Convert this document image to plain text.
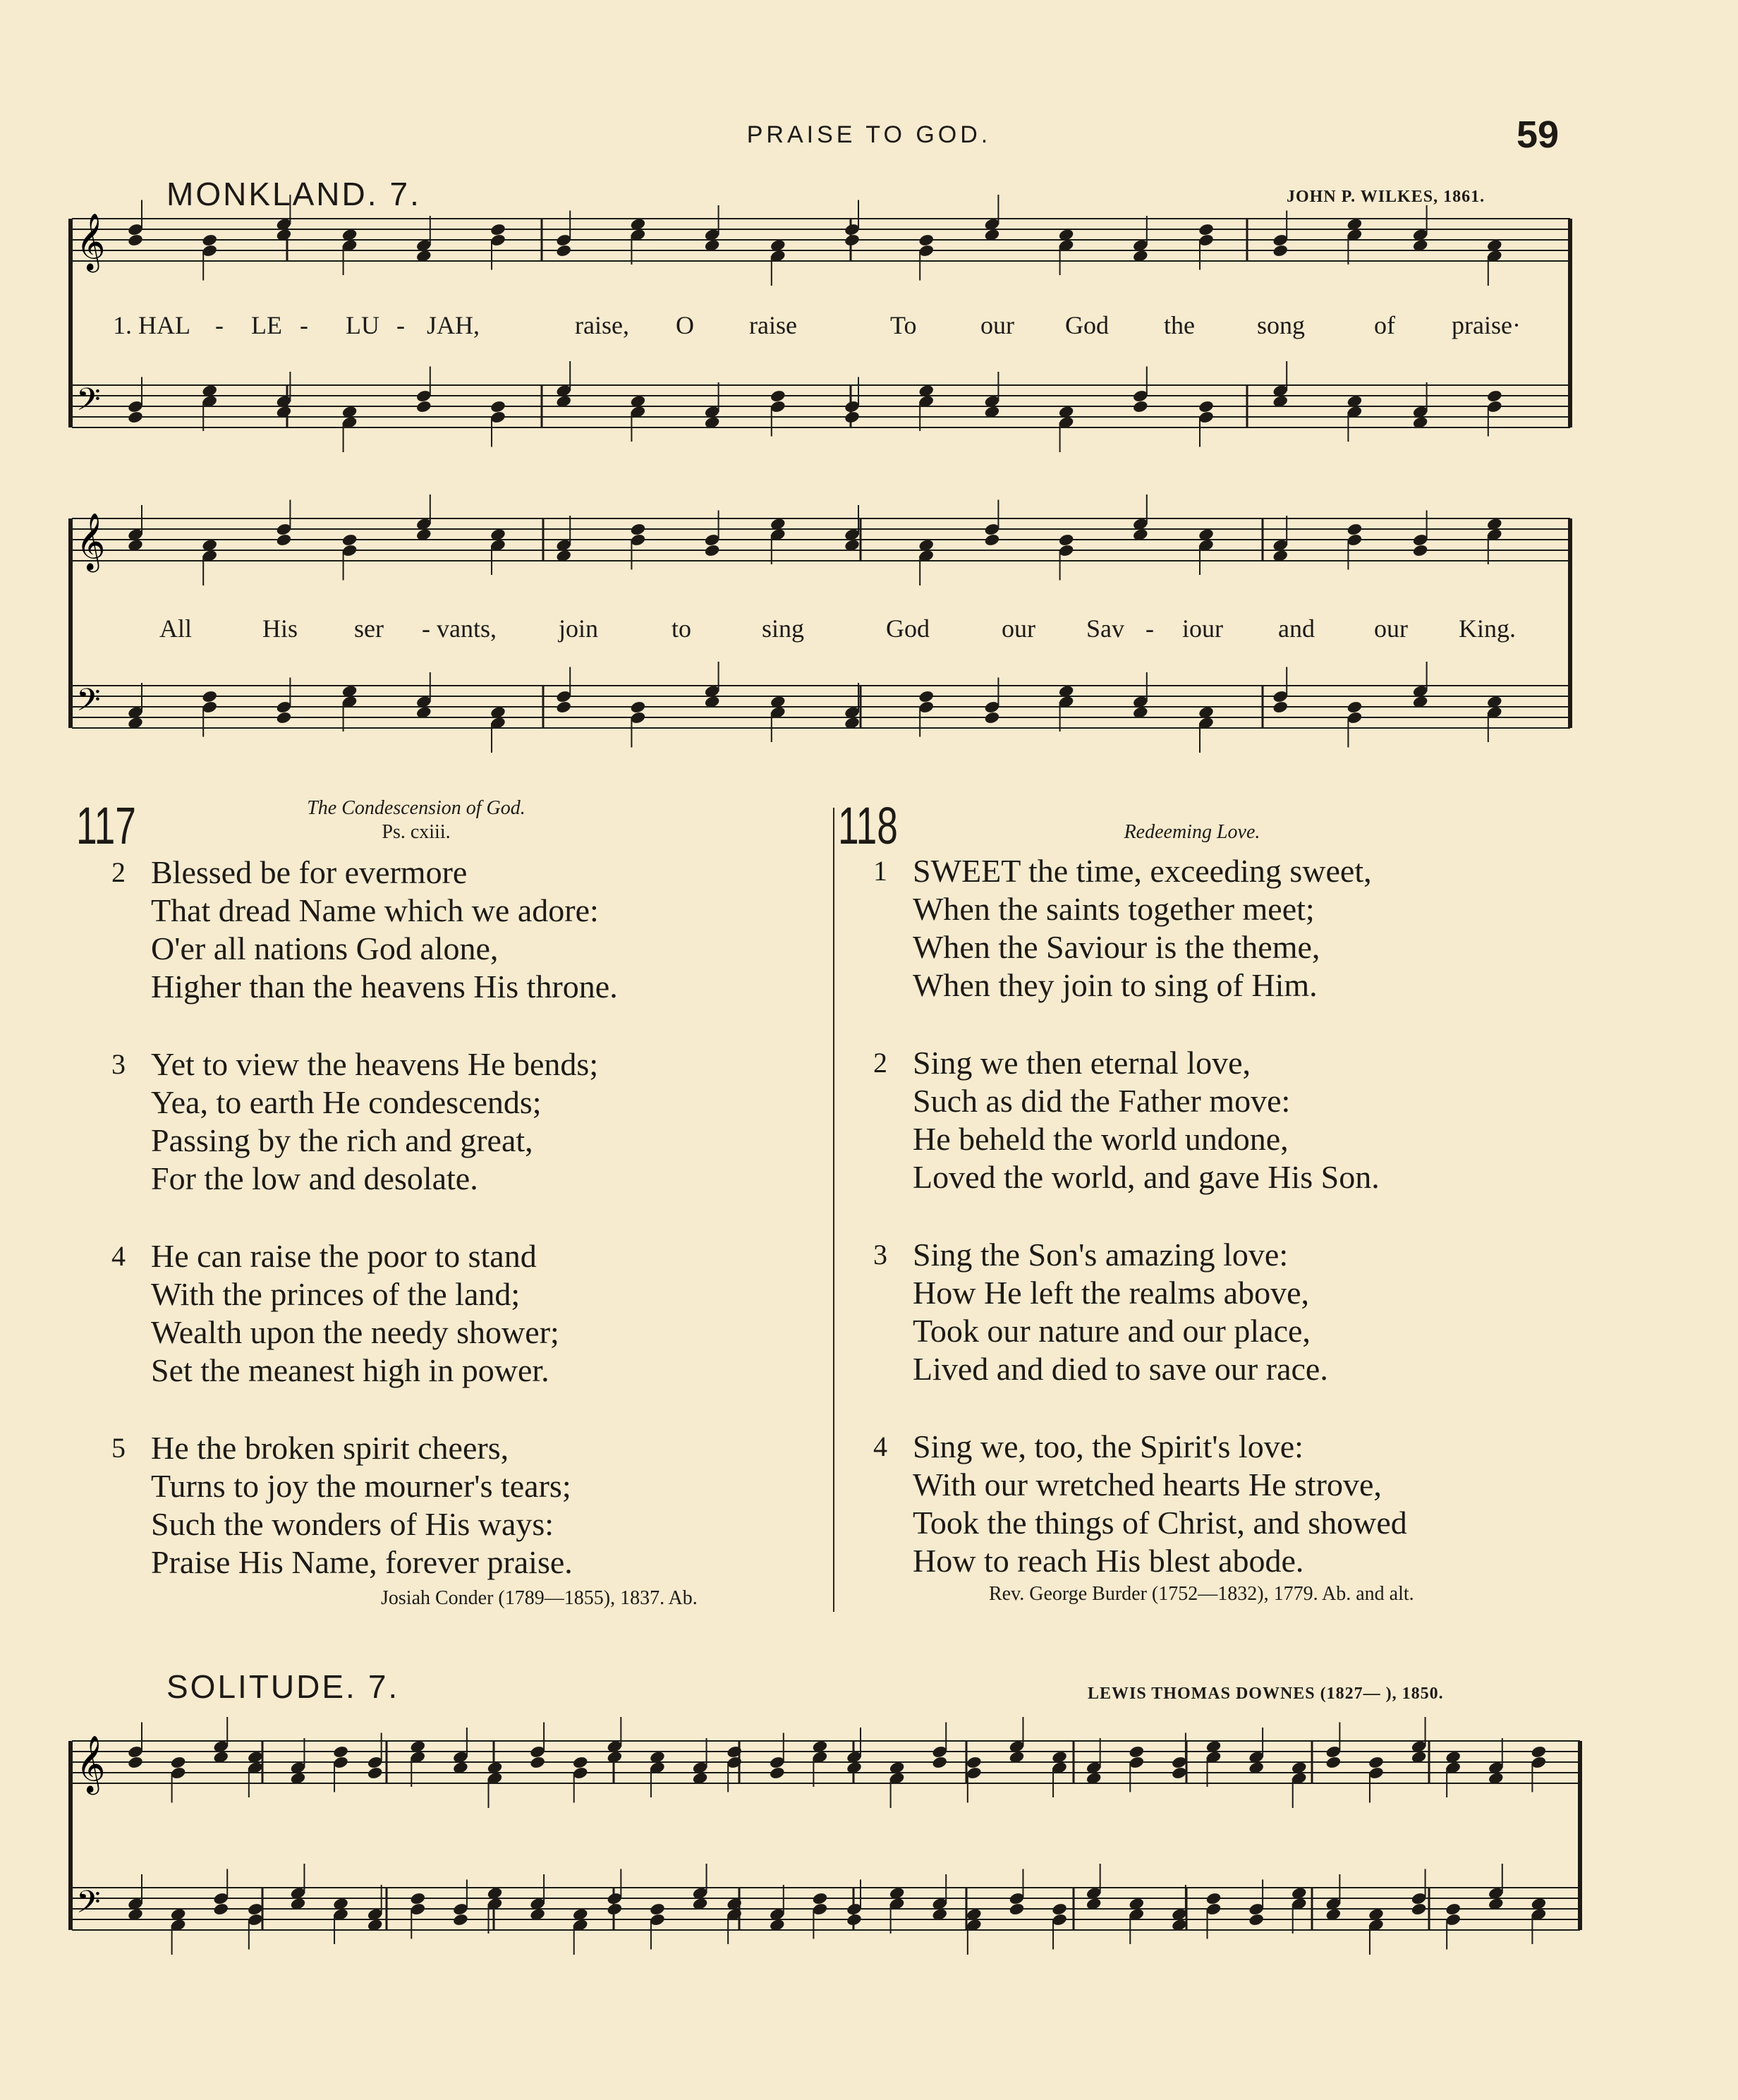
PRAISE TO GOD.	59
MONKLAND. 7.	JOHN P. WILKES, 1861.
𝄞
𝄢
𝄞
𝄢
𝄞
𝄢
1. HAL - LE - LU - JAH,	raise, O raise	To	our God the song	of praise·
All	His ser - vants, join	to	sing	God	our Sav - iour and our King.
117	The Condescension of God.
Ps. cxiii.	118	Redeeming Love.
2 Blessed be for evermore
That dread Name which we adore:
O'er all nations God alone,
Higher than the heavens His throne.
3 Yet to view the heavens He bends;
Yea, to earth He condescends;
Passing by the rich and great,
For the low and desolate.
4 He can raise the poor to stand
With the princes of the land;
Wealth upon the needy shower;
Set the meanest high in power.
5 He the broken spirit cheers,
Turns to joy the mourner's tears;
Such the wonders of His ways:
Praise His Name, forever praise.
1 SWEET the time, exceeding sweet,
When the saints together meet;
When the Saviour is the theme,
When they join to sing of Him.
2 Sing we then eternal love,
Such as did the Father move:
He beheld the world undone,
Loved the world, and gave His Son.
3 Sing the Son's amazing love:
How He left the realms above,
Took our nature and our place,
Lived and died to save our race.
4 Sing we, too, the Spirit's love:
With our wretched hearts He strove,
Took the things of Christ, and showed
How to reach His blest abode.
Josiah Conder (1789—1855), 1837. Ab.	Rev. George Burder (1752—1832), 1779. Ab. and alt.
SOLITUDE. 7.	LEWIS THOMAS DOWNES (1827— ), 1850.
